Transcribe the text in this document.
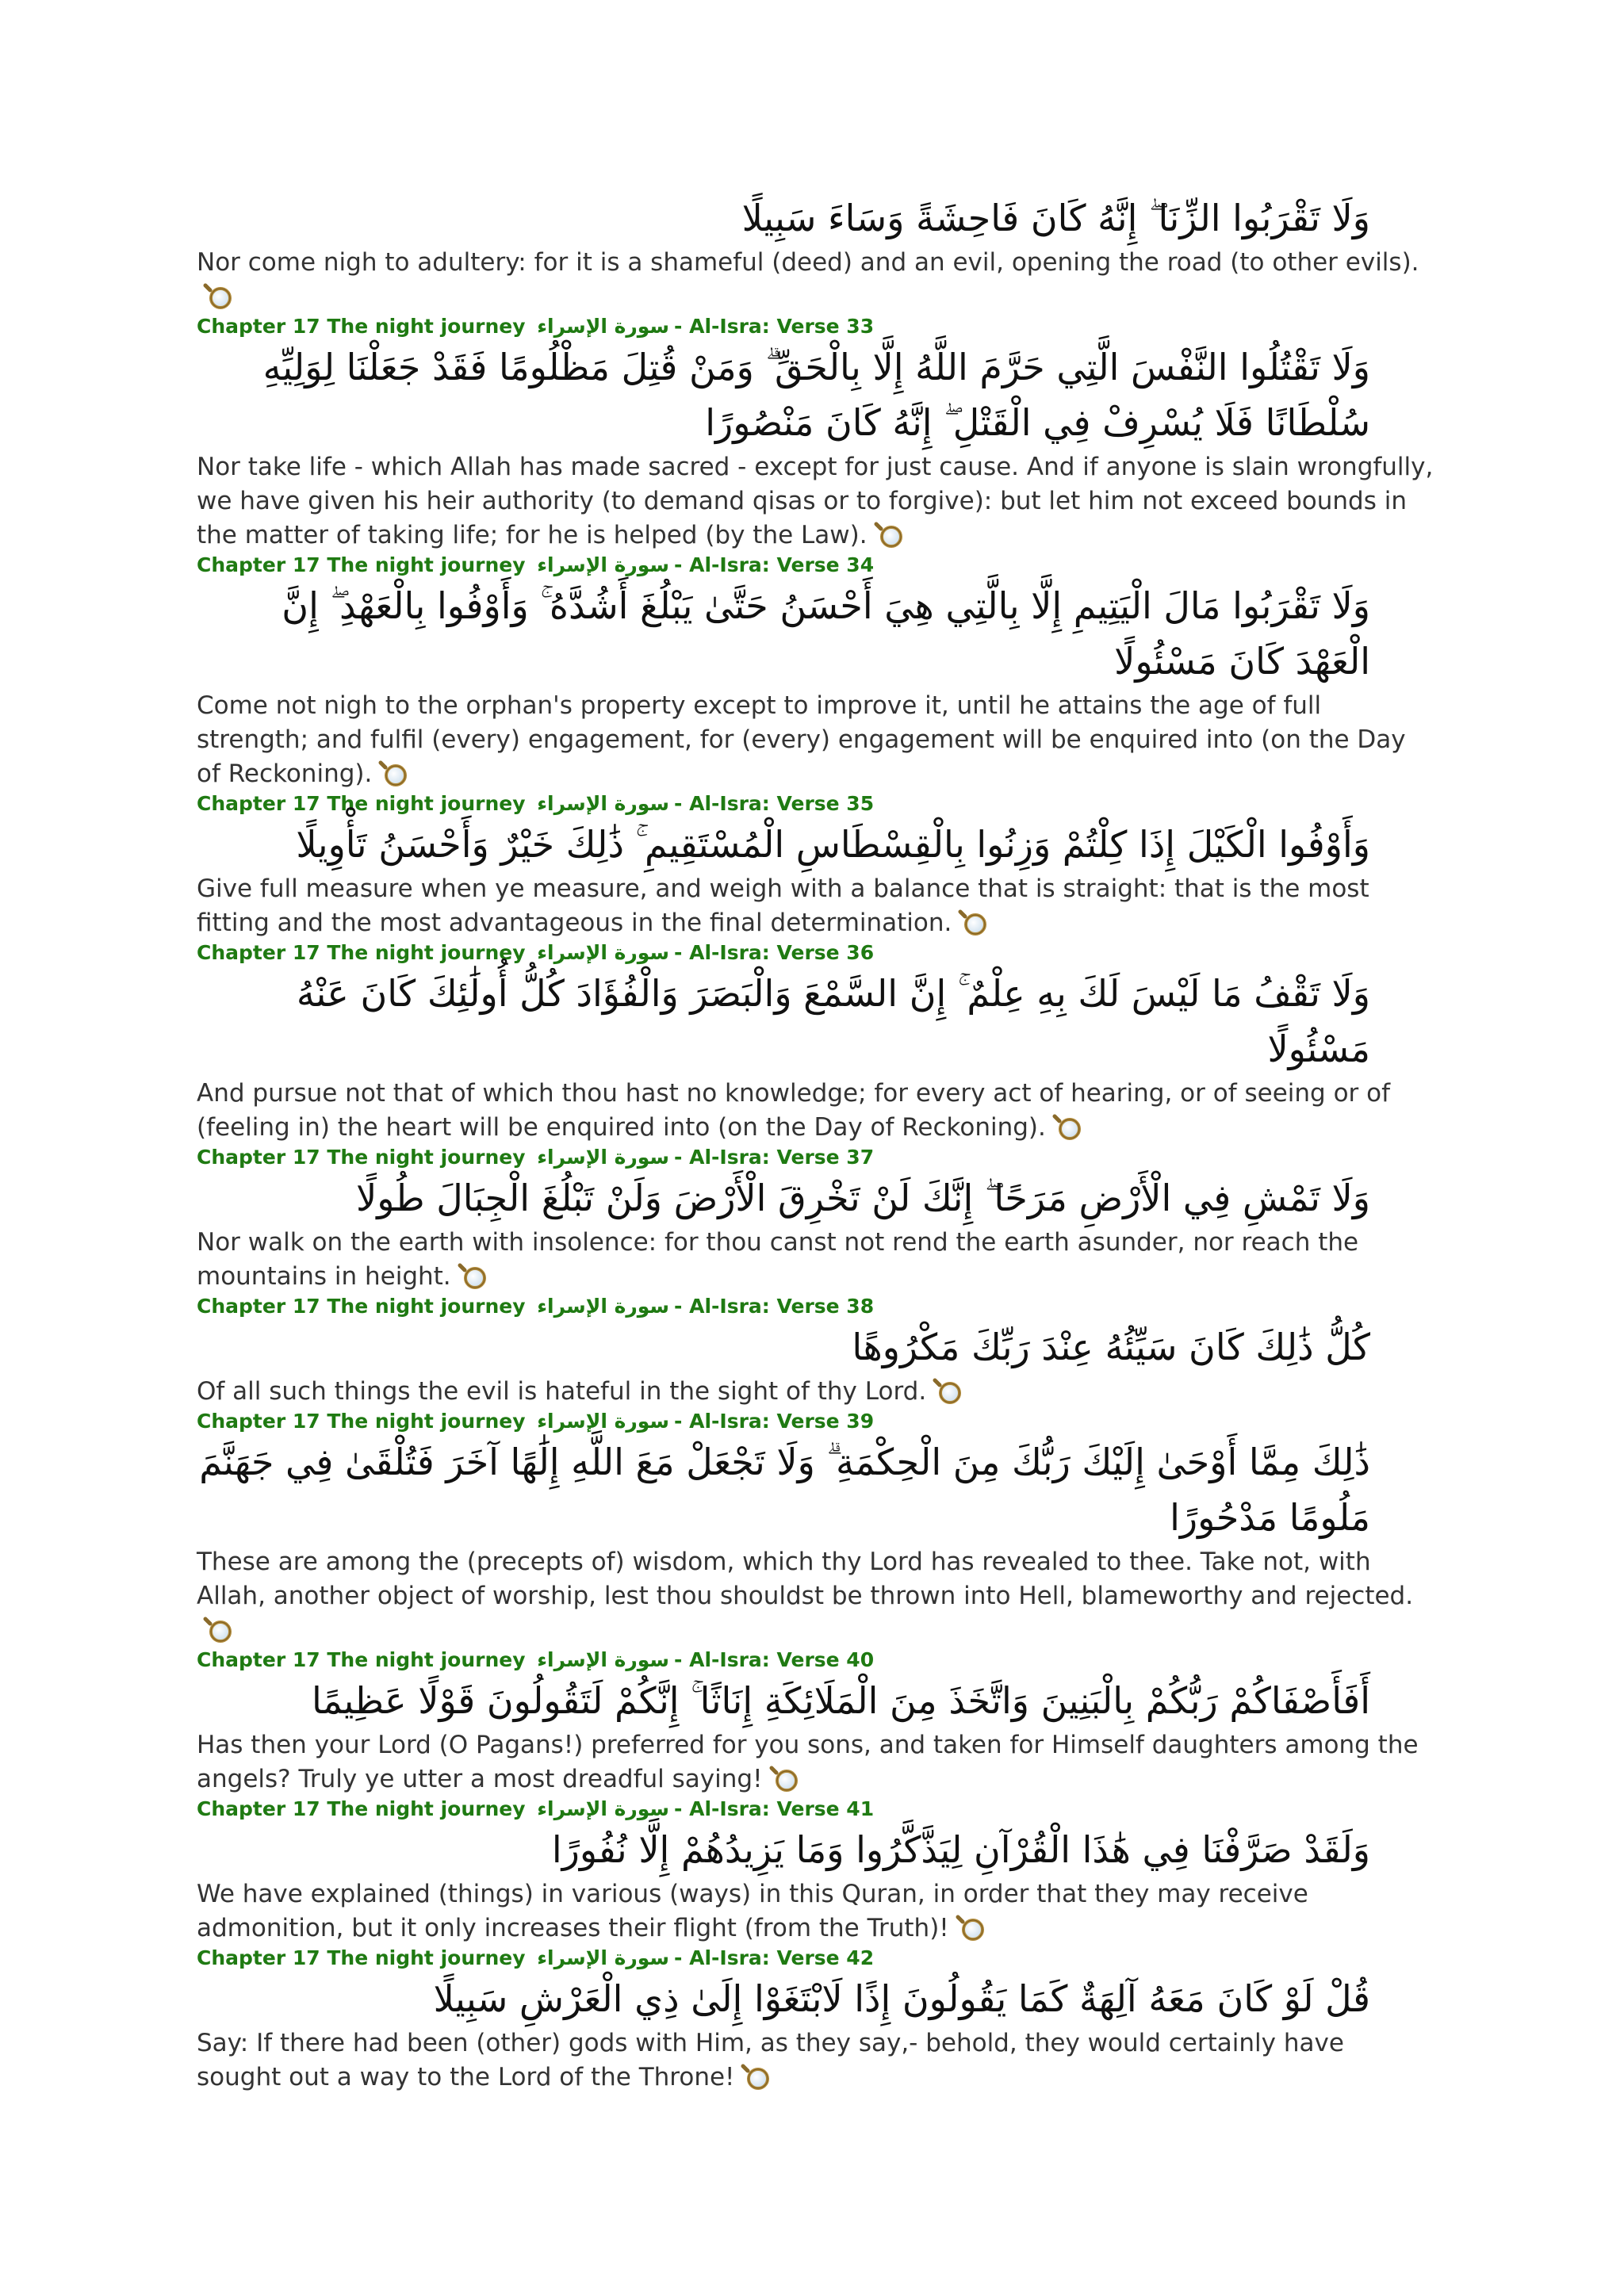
وَلَا تَقْرَبُوا الزِّنَا ۖ إِنَّهُ كَانَ فَاحِشَةً وَسَاءَ سَبِيلًا
Nor come nigh to adultery: for it is a shameful (deed) and an evil, opening the road (to other evils).
Chapter 17 The night journey سورة الإسراء - Al-Isra: Verse 33
وَلَا تَقْتُلُوا النَّفْسَ الَّتِي حَرَّمَ اللَّهُ إِلَّا بِالْحَقِّ ۗ وَمَنْ قُتِلَ مَظْلُومًا فَقَدْ جَعَلْنَا لِوَلِيِّهِ سُلْطَانًا فَلَا يُسْرِفْ فِي الْقَتْلِ ۖ إِنَّهُ كَانَ مَنْصُورًا
Nor take life - which Allah has made sacred - except for just cause. And if anyone is slain wrongfully, we have given his heir authority (to demand qisas or to forgive): but let him not exceed bounds in the matter of taking life; for he is helped (by the Law).
Chapter 17 The night journey سورة الإسراء - Al-Isra: Verse 34
وَلَا تَقْرَبُوا مَالَ الْيَتِيمِ إِلَّا بِالَّتِي هِيَ أَحْسَنُ حَتَّىٰ يَبْلُغَ أَشُدَّهُ ۚ وَأَوْفُوا بِالْعَهْدِ ۖ إِنَّ الْعَهْدَ كَانَ مَسْئُولًا
Come not nigh to the orphan's property except to improve it, until he attains the age of full strength; and fulfil (every) engagement, for (every) engagement will be enquired into (on the Day of Reckoning).
Chapter 17 The night journey سورة الإسراء - Al-Isra: Verse 35
وَأَوْفُوا الْكَيْلَ إِذَا كِلْتُمْ وَزِنُوا بِالْقِسْطَاسِ الْمُسْتَقِيمِ ۚ ذَٰلِكَ خَيْرٌ وَأَحْسَنُ تَأْوِيلًا
Give full measure when ye measure, and weigh with a balance that is straight: that is the most fitting and the most advantageous in the final determination.
Chapter 17 The night journey سورة الإسراء - Al-Isra: Verse 36
وَلَا تَقْفُ مَا لَيْسَ لَكَ بِهِ عِلْمٌ ۚ إِنَّ السَّمْعَ وَالْبَصَرَ وَالْفُؤَادَ كُلُّ أُولَٰئِكَ كَانَ عَنْهُ مَسْئُولًا
And pursue not that of which thou hast no knowledge; for every act of hearing, or of seeing or of (feeling in) the heart will be enquired into (on the Day of Reckoning).
Chapter 17 The night journey سورة الإسراء - Al-Isra: Verse 37
وَلَا تَمْشِ فِي الْأَرْضِ مَرَحًا ۖ إِنَّكَ لَنْ تَخْرِقَ الْأَرْضَ وَلَنْ تَبْلُغَ الْجِبَالَ طُولًا
Nor walk on the earth with insolence: for thou canst not rend the earth asunder, nor reach the mountains in height.
Chapter 17 The night journey سورة الإسراء - Al-Isra: Verse 38
كُلُّ ذَٰلِكَ كَانَ سَيِّئُهُ عِنْدَ رَبِّكَ مَكْرُوهًا
Of all such things the evil is hateful in the sight of thy Lord.
Chapter 17 The night journey سورة الإسراء - Al-Isra: Verse 39
ذَٰلِكَ مِمَّا أَوْحَىٰ إِلَيْكَ رَبُّكَ مِنَ الْحِكْمَةِ ۗ وَلَا تَجْعَلْ مَعَ اللَّهِ إِلَٰهًا آخَرَ فَتُلْقَىٰ فِي جَهَنَّمَ مَلُومًا مَدْحُورًا
These are among the (precepts of) wisdom, which thy Lord has revealed to thee. Take not, with Allah, another object of worship, lest thou shouldst be thrown into Hell, blameworthy and rejected.
Chapter 17 The night journey سورة الإسراء - Al-Isra: Verse 40
أَفَأَصْفَاكُمْ رَبُّكُمْ بِالْبَنِينَ وَاتَّخَذَ مِنَ الْمَلَائِكَةِ إِنَاثًا ۚ إِنَّكُمْ لَتَقُولُونَ قَوْلًا عَظِيمًا
Has then your Lord (O Pagans!) preferred for you sons, and taken for Himself daughters among the angels? Truly ye utter a most dreadful saying!
Chapter 17 The night journey سورة الإسراء - Al-Isra: Verse 41
وَلَقَدْ صَرَّفْنَا فِي هَٰذَا الْقُرْآنِ لِيَذَّكَّرُوا وَمَا يَزِيدُهُمْ إِلَّا نُفُورًا
We have explained (things) in various (ways) in this Quran, in order that they may receive admonition, but it only increases their flight (from the Truth)!
Chapter 17 The night journey سورة الإسراء - Al-Isra: Verse 42
قُلْ لَوْ كَانَ مَعَهُ آلِهَةٌ كَمَا يَقُولُونَ إِذًا لَابْتَغَوْا إِلَىٰ ذِي الْعَرْشِ سَبِيلًا
Say: If there had been (other) gods with Him, as they say,- behold, they would certainly have sought out a way to the Lord of the Throne!
